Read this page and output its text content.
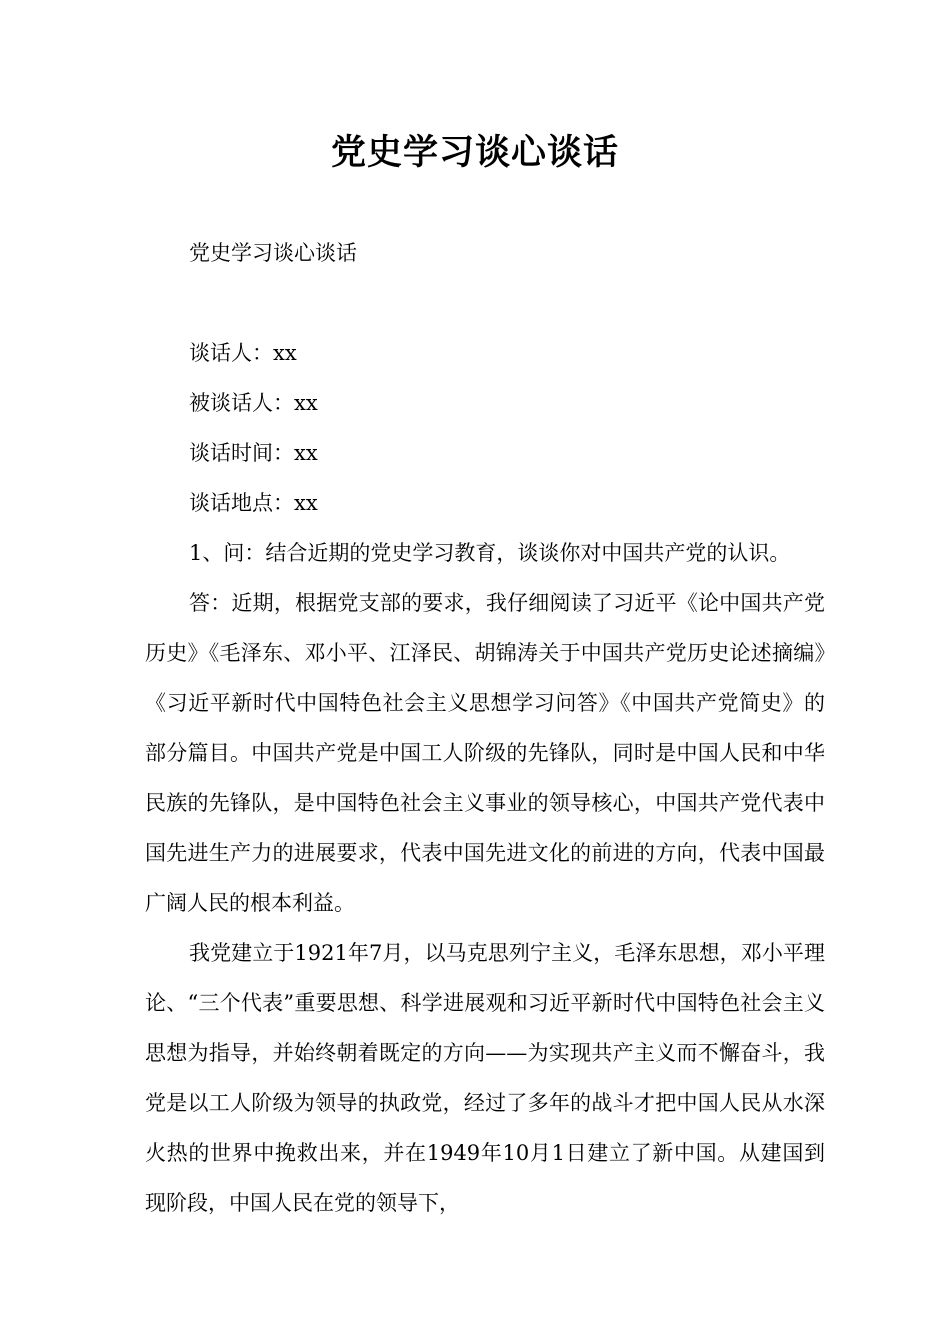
党史学习谈心谈话

党史学习谈心谈话

谈话人：xx
被谈话人：xx
谈话时间：xx
谈话地点：xx

1、问：结合近期的党史学习教育，谈谈你对中国共产党的认识。

答：近期，根据党支部的要求，我仔细阅读了习近平《论中国共产党历史》《毛泽东、邓小平、江泽民、胡锦涛关于中国共产党历史论述摘编》《习近平新时代中国特色社会主义思想学习问答》《中国共产党简史》的部分篇目。中国共产党是中国工人阶级的先锋队，同时是中国人民和中华民族的先锋队，是中国特色社会主义事业的领导核心，中国共产党代表中国先进生产力的进展要求，代表中国先进文化的前进的方向，代表中国最广阔人民的根本利益。

我党建立于1921年7月，以马克思列宁主义，毛泽东思想，邓小平理论、“三个代表”重要思想、科学进展观和习近平新时代中国特色社会主义思想为指导，并始终朝着既定的方向——为实现共产主义而不懈奋斗，我党是以工人阶级为领导的执政党，经过了多年的战斗才把中国人民从水深火热的世界中挽救出来，并在1949年10月1日建立了新中国。从建国到现阶段，中国人民在党的领导下，
